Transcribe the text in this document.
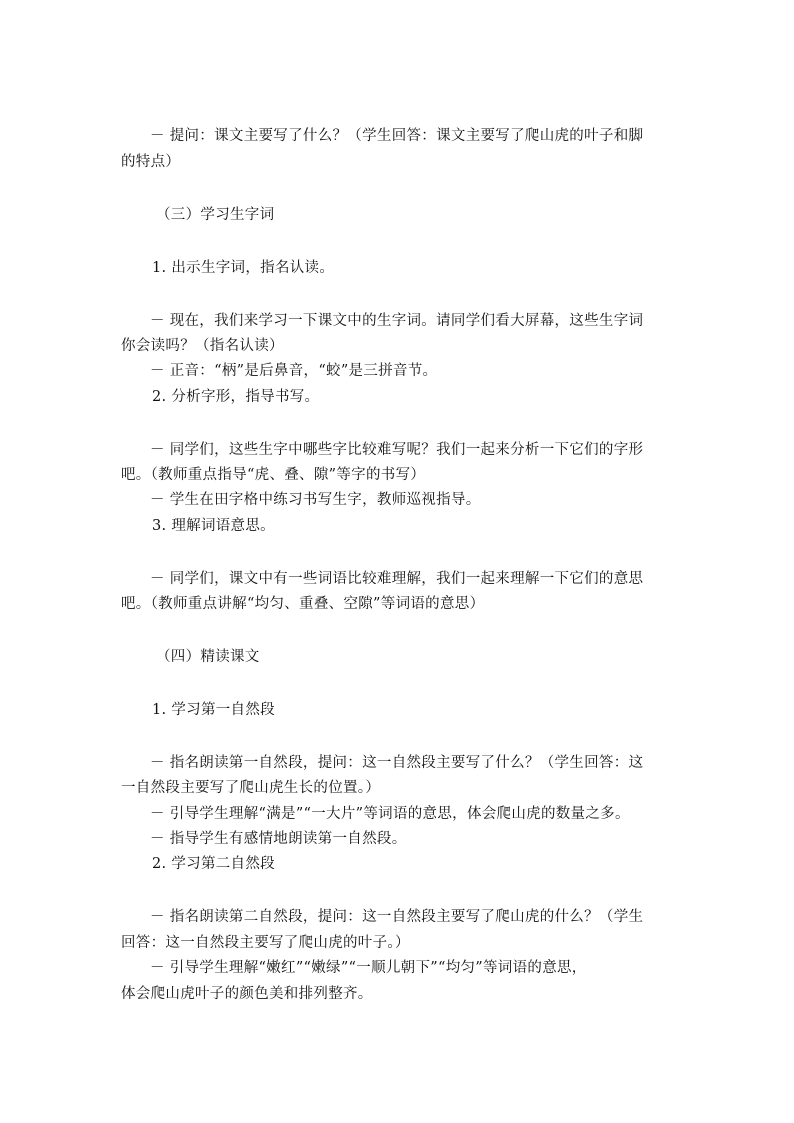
－ 提问：课文主要写了什么？（学生回答：课文主要写了爬山虎的叶子和脚
的特点）
（三）学习生字词
1. 出示生字词，指名认读。
－ 现在，我们来学习一下课文中的生字词。请同学们看大屏幕，这些生字词
你会读吗？（指名认读）
－ 正音：“柄”是后鼻音，“蛟”是三拼音节。
2. 分析字形，指导书写。
－ 同学们，这些生字中哪些字比较难写呢？我们一起来分析一下它们的字形
吧。（教师重点指导“虎、叠、隙”等字的书写）
－ 学生在田字格中练习书写生字，教师巡视指导。
3. 理解词语意思。
－ 同学们，课文中有一些词语比较难理解，我们一起来理解一下它们的意思
吧。（教师重点讲解“均匀、重叠、空隙”等词语的意思）
（四）精读课文
1. 学习第一自然段
－ 指名朗读第一自然段，提问：这一自然段主要写了什么？（学生回答：这
一自然段主要写了爬山虎生长的位置。）
－ 引导学生理解“满是”“一大片”等词语的意思，体会爬山虎的数量之多。
－ 指导学生有感情地朗读第一自然段。
2. 学习第二自然段
－ 指名朗读第二自然段，提问：这一自然段主要写了爬山虎的什么？（学生
回答：这一自然段主要写了爬山虎的叶子。）
－ 引导学生理解“嫩红”“嫩绿”“一顺儿朝下”“均匀”等词语的意思，
体会爬山虎叶子的颜色美和排列整齐。
